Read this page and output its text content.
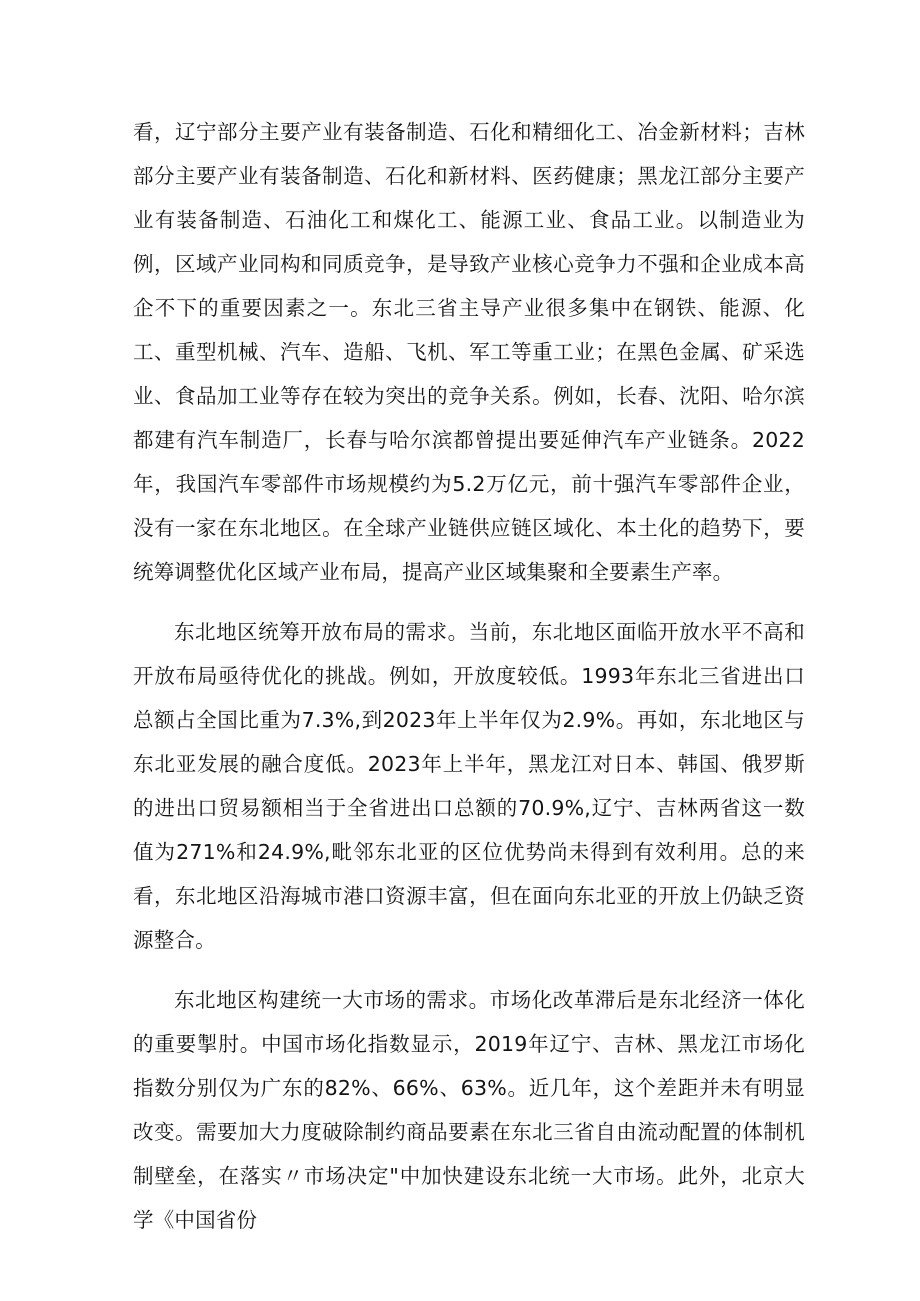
看，辽宁部分主要产业有装备制造、石化和精细化工、冶金新材料；吉林部分主要产业有装备制造、石化和新材料、医药健康；黑龙江部分主要产业有装备制造、石油化工和煤化工、能源工业、食品工业。以制造业为例，区域产业同构和同质竞争，是导致产业核心竞争力不强和企业成本高企不下的重要因素之一。东北三省主导产业很多集中在钢铁、能源、化工、重型机械、汽车、造船、飞机、军工等重工业；在黑色金属、矿采选业、食品加工业等存在较为突出的竞争关系。例如，长春、沈阳、哈尔滨都建有汽车制造厂，长春与哈尔滨都曾提出要延伸汽车产业链条。2022年，我国汽车零部件市场规模约为5.2万亿元，前十强汽车零部件企业，没有一家在东北地区。在全球产业链供应链区域化、本土化的趋势下，要统筹调整优化区域产业布局，提高产业区域集聚和全要素生产率。

东北地区统筹开放布局的需求。当前，东北地区面临开放水平不高和开放布局亟待优化的挑战。例如，开放度较低。1993年东北三省进出口总额占全国比重为7.3%,到2023年上半年仅为2.9%。再如，东北地区与东北亚发展的融合度低。2023年上半年，黑龙江对日本、韩国、俄罗斯的进出口贸易额相当于全省进出口总额的70.9%,辽宁、吉林两省这一数值为271%和24.9%,毗邻东北亚的区位优势尚未得到有效利用。总的来看，东北地区沿海城市港口资源丰富，但在面向东北亚的开放上仍缺乏资源整合。

东北地区构建统一大市场的需求。市场化改革滞后是东北经济一体化的重要掣肘。中国市场化指数显示，2019年辽宁、吉林、黑龙江市场化指数分别仅为广东的82%、66%、63%。近几年，这个差距并未有明显改变。需要加大力度破除制约商品要素在东北三省自由流动配置的体制机制壁垒，在落实〃市场决定"中加快建设东北统一大市场。此外，北京大学《中国省份
